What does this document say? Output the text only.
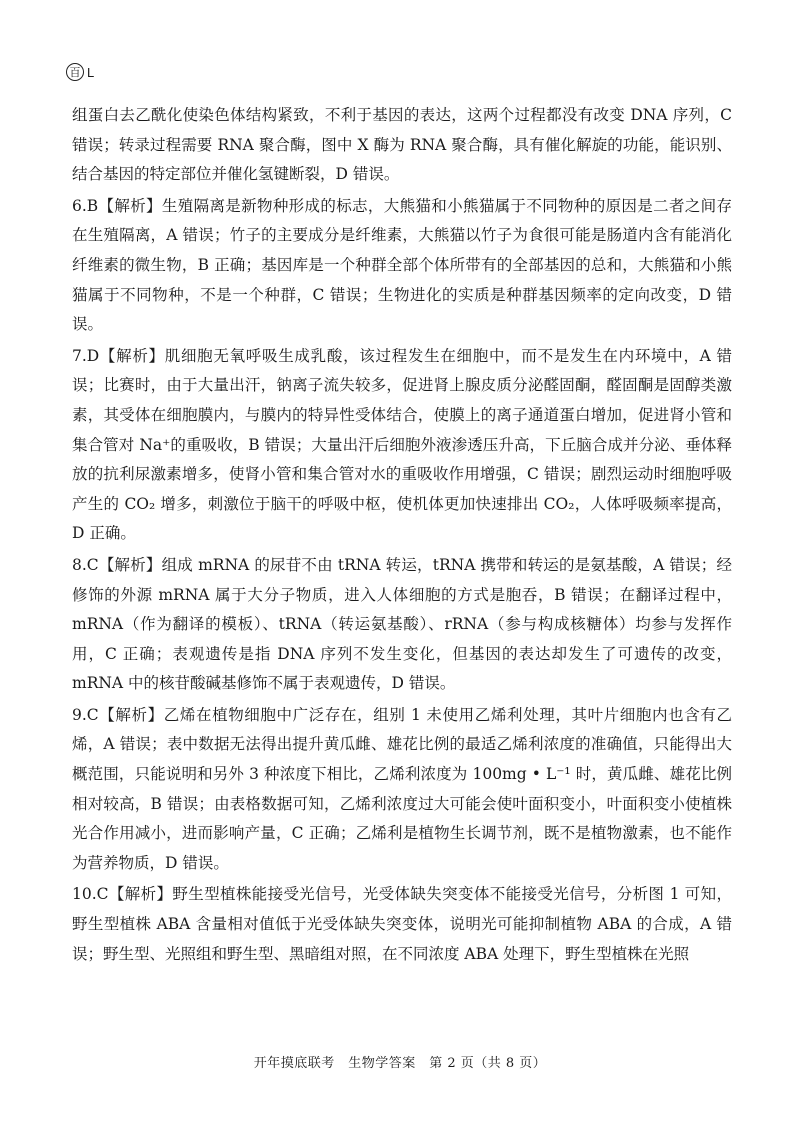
百 L

组蛋白去乙酰化使染色体结构紧致，不利于基因的表达，这两个过程都没有改变 DNA 序列，C 错误；转录过程需要 RNA 聚合酶，图中 X 酶为 RNA 聚合酶，具有催化解旋的功能，能识别、结合基因的特定部位并催化氢键断裂，D 错误。

6.B【解析】生殖隔离是新物种形成的标志，大熊猫和小熊猫属于不同物种的原因是二者之间存在生殖隔离，A 错误；竹子的主要成分是纤维素，大熊猫以竹子为食很可能是肠道内含有能消化纤维素的微生物，B 正确；基因库是一个种群全部个体所带有的全部基因的总和，大熊猫和小熊猫属于不同物种，不是一个种群，C 错误；生物进化的实质是种群基因频率的定向改变，D 错误。

7.D【解析】肌细胞无氧呼吸生成乳酸，该过程发生在细胞中，而不是发生在内环境中，A 错误；比赛时，由于大量出汗，钠离子流失较多，促进肾上腺皮质分泌醛固酮，醛固酮是固醇类激素，其受体在细胞膜内，与膜内的特异性受体结合，使膜上的离子通道蛋白增加，促进肾小管和集合管对 Na⁺的重吸收，B 错误；大量出汗后细胞外液渗透压升高，下丘脑合成并分泌、垂体释放的抗利尿激素增多，使肾小管和集合管对水的重吸收作用增强，C 错误；剧烈运动时细胞呼吸产生的 CO₂ 增多，刺激位于脑干的呼吸中枢，使机体更加快速排出 CO₂，人体呼吸频率提高，D 正确。

8.C【解析】组成 mRNA 的尿苷不由 tRNA 转运，tRNA 携带和转运的是氨基酸，A 错误；经修饰的外源 mRNA 属于大分子物质，进入人体细胞的方式是胞吞，B 错误；在翻译过程中，mRNA（作为翻译的模板）、tRNA（转运氨基酸）、rRNA（参与构成核糖体）均参与发挥作用，C 正确；表观遗传是指 DNA 序列不发生变化，但基因的表达却发生了可遗传的改变，mRNA 中的核苷酸碱基修饰不属于表观遗传，D 错误。

9.C【解析】乙烯在植物细胞中广泛存在，组别 1 未使用乙烯利处理，其叶片细胞内也含有乙烯，A 错误；表中数据无法得出提升黄瓜雌、雄花比例的最适乙烯利浓度的准确值，只能得出大概范围，只能说明和另外 3 种浓度下相比，乙烯利浓度为 100mg • L⁻¹ 时，黄瓜雌、雄花比例相对较高，B 错误；由表格数据可知，乙烯利浓度过大可能会使叶面积变小，叶面积变小使植株光合作用减小，进而影响产量，C 正确；乙烯利是植物生长调节剂，既不是植物激素，也不能作为营养物质，D 错误。

10.C【解析】野生型植株能接受光信号，光受体缺失突变体不能接受光信号，分析图 1 可知，野生型植株 ABA 含量相对值低于光受体缺失突变体，说明光可能抑制植物 ABA 的合成，A 错误；野生型、光照组和野生型、黑暗组对照，在不同浓度 ABA 处理下，野生型植株在光照

开年摸底联考　生物学答案　第 2 页（共 8 页）
